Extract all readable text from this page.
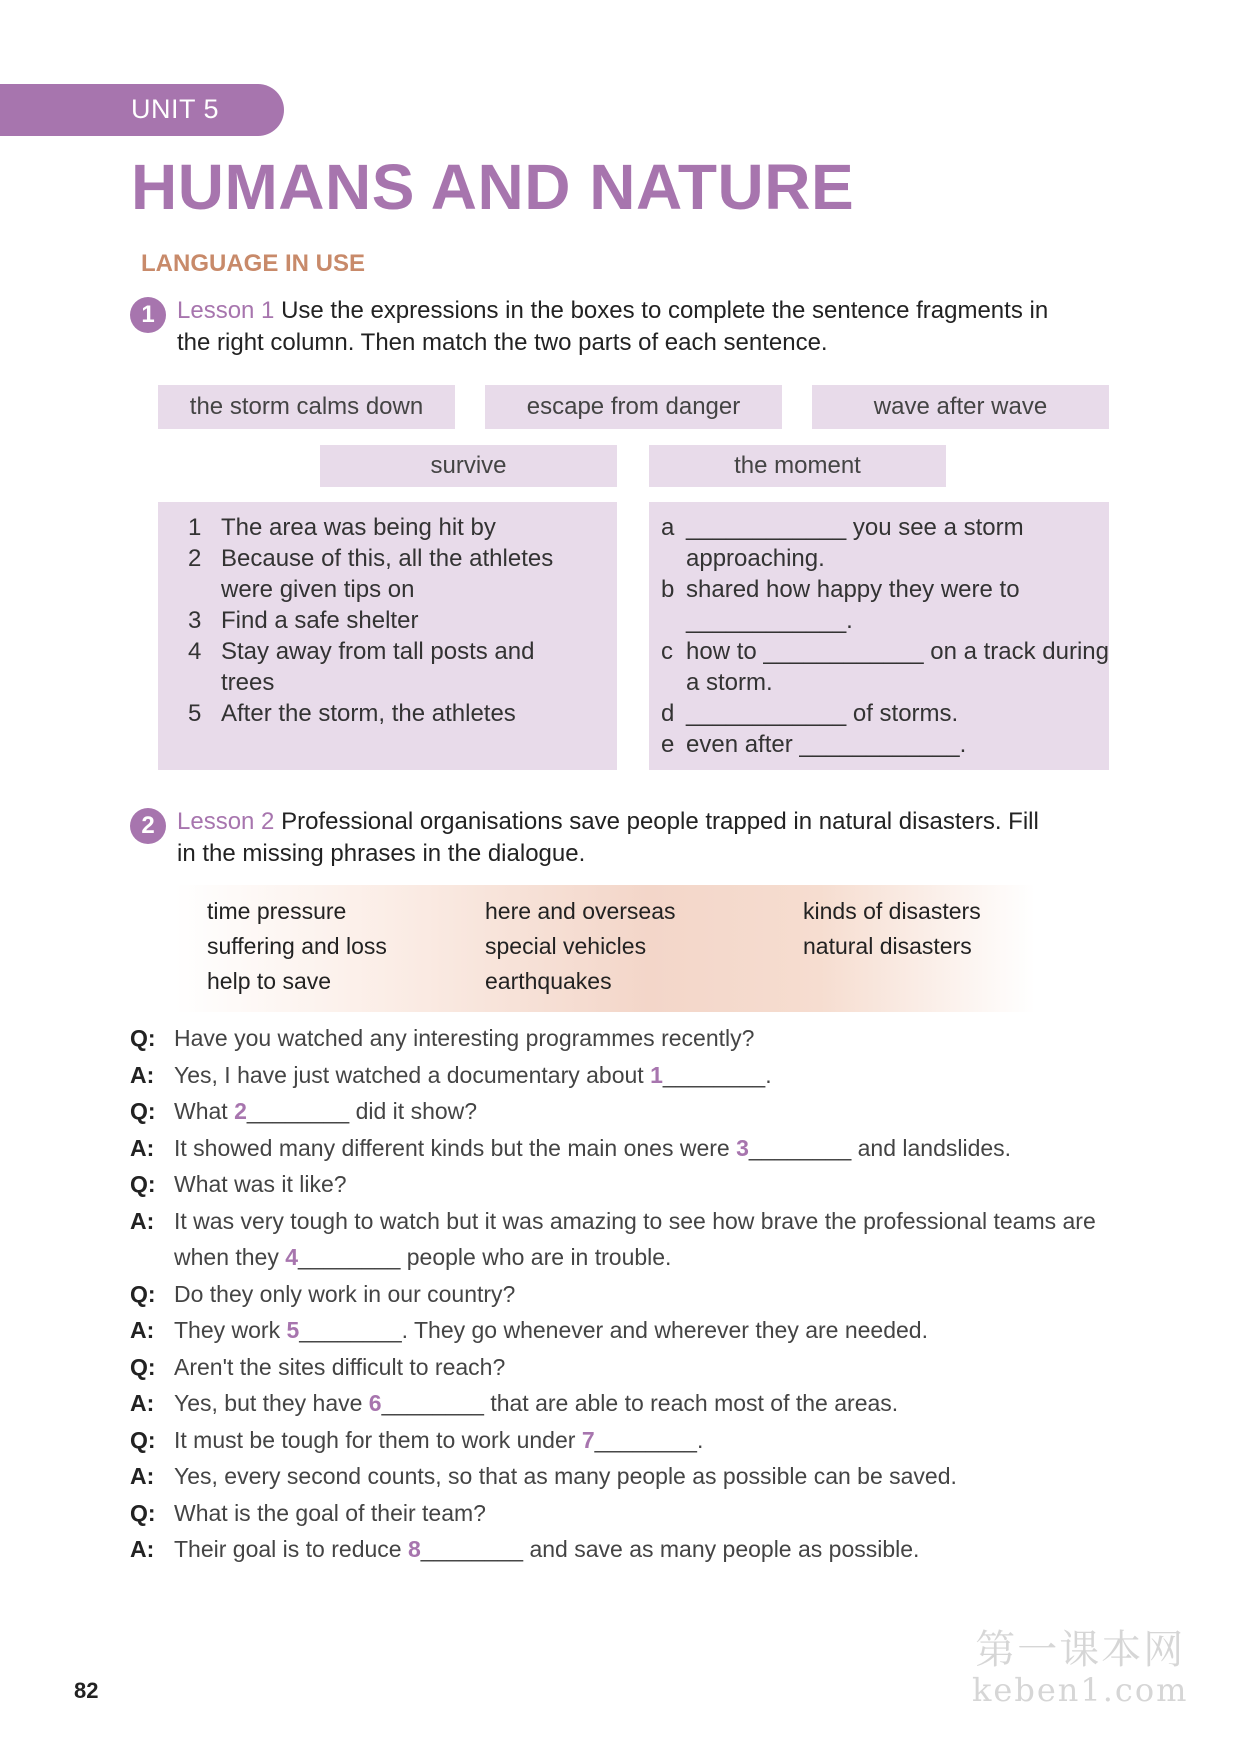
UNIT 5
HUMANS AND NATURE
LANGUAGE IN USE
1 Lesson 1 Use the expressions in the boxes to complete the sentence fragments in
the right column. Then match the two parts of each sentence.
the storm calms down	escape from danger	wave after wave
survive	the moment
1 The area was being hit by
2 Because of this, all the athletes
were given tips on
3 Find a safe shelter
4 Stay away from tall posts and
trees
5 After the storm, the athletes
a ____________ you see a storm
approaching.
b shared how happy they were to
____________.
c how to ____________ on a track during
a storm.
d ____________ of storms.
e even after ____________.
2 Lesson 2 Professional organisations save people trapped in natural disasters. Fill
in the missing phrases in the dialogue.
time pressure
suffering and loss
help to save
here and overseas
special vehicles
earthquakes
kinds of disasters
natural disasters
Q: Have you watched any interesting programmes recently?
A: Yes, I have just watched a documentary about 1________.
Q: What 2________ did it show?
A: It showed many different kinds but the main ones were 3________ and landslides.
Q: What was it like?
A: It was very tough to watch but it was amazing to see how brave the professional teams are
when they 4________ people who are in trouble.
Q: Do they only work in our country?
A: They work 5________. They go whenever and wherever they are needed.
Q: Aren't the sites difficult to reach?
A: Yes, but they have 6________ that are able to reach most of the areas.
Q: It must be tough for them to work under 7________.
A: Yes, every second counts, so that as many people as possible can be saved.
Q: What is the goal of their team?
A: Their goal is to reduce 8________ and save as many people as possible.
82
第一课本网
keben1.com
